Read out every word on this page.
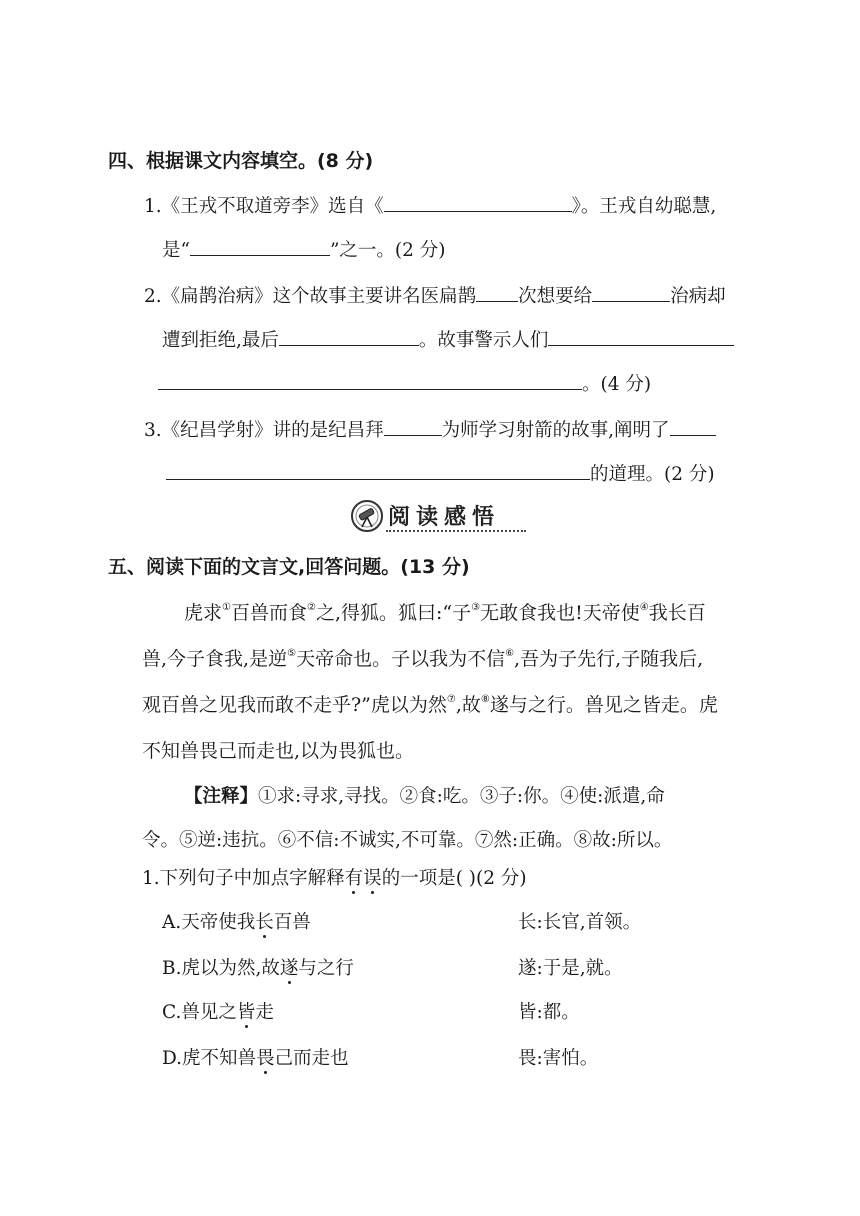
四、根据课文内容填空。(8 分)
1.《王戎不取道旁李》选自《	》。王戎自幼聪慧,
是“	”之一。(2 分)
2.《扁鹊治病》这个故事主要讲名医扁鹊 次想要给	治病却
遭到拒绝,最后	。故事警示人们
。(4 分)
3.《纪昌学射》讲的是纪昌拜	为师学习射箭的故事,阐明了
的道理。(2 分)
阅读感悟
五、阅读下面的文言文,回答问题。(13 分)
虎求①百兽而食②之,得狐。狐曰:“子③无敢食我也!天帝使④我长百
兽,今子食我,是逆⑤天帝命也。子以我为不信⑥,吾为子先行,子随我后,
观百兽之见我而敢不走乎?”虎以为然⑦,故⑧遂与之行。兽见之皆走。虎
不知兽畏己而走也,以为畏狐也。
【注释】①求:寻求,寻找。②食:吃。③子:你。④使:派遣,命
令。⑤逆:违抗。⑥不信:不诚实,不可靠。⑦然:正确。⑧故:所以。
1.下列句子中加点字解释有误的一项是( )(2 分)
A.天帝使我长百兽	长:长官,首领。
B.虎以为然,故遂与之行	遂:于是,就。
C.兽见之皆走	皆:都。
D.虎不知兽畏己而走也	畏:害怕。
